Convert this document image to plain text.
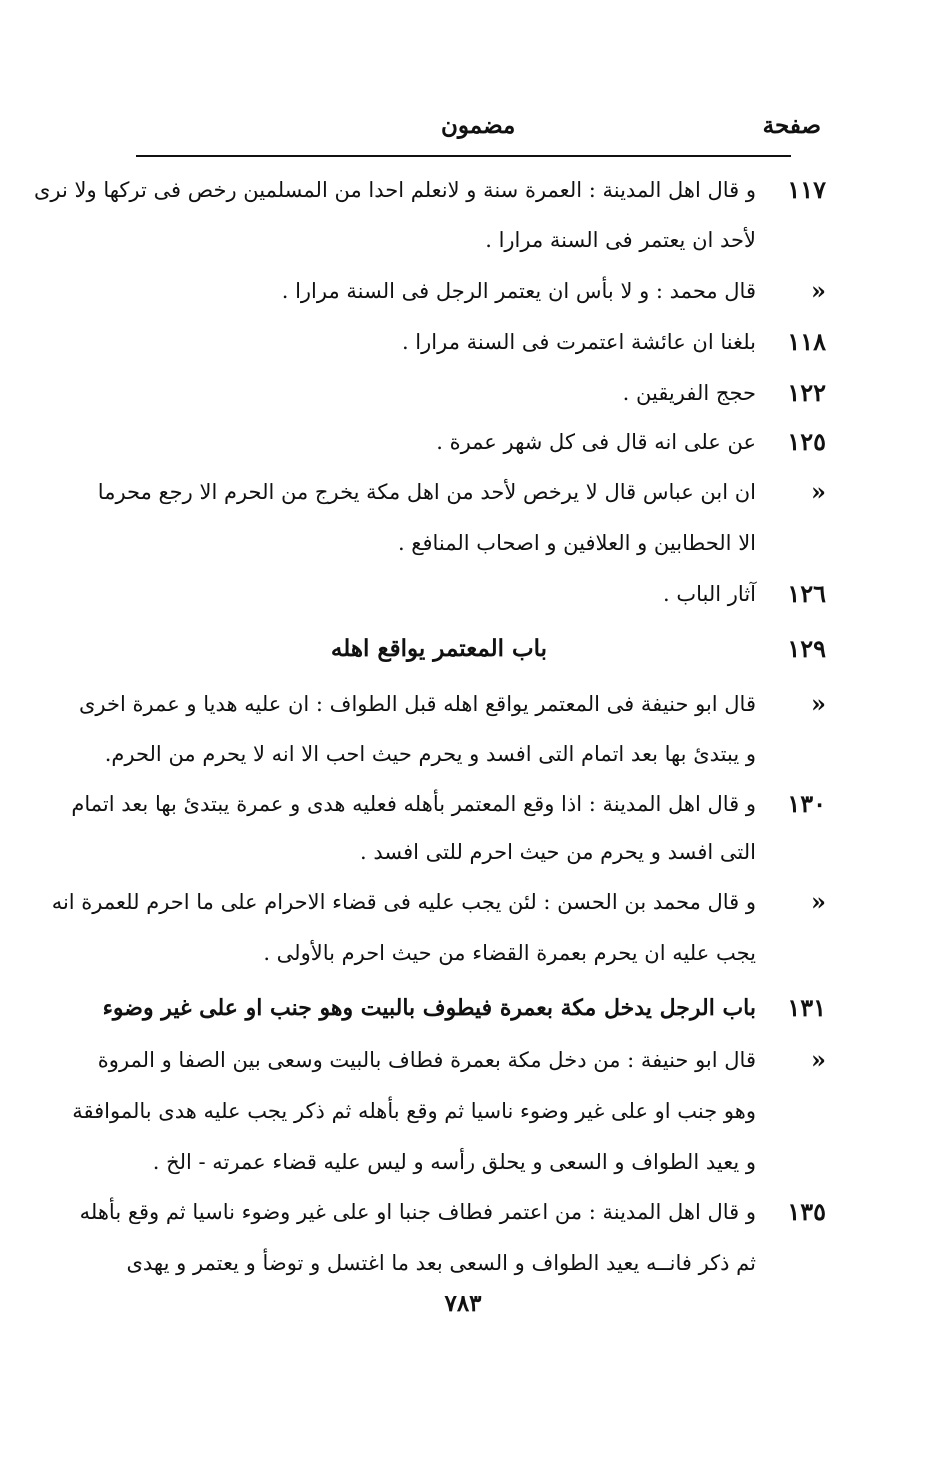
صفحة
مضمون
١١٧
و قال اهل المدينة : العمرة سنة و لانعلم احدا من المسلمين رخص فى تركها ولا نرى
لأحد ان يعتمر فى السنة مرارا .
«
قال محمد : و لا بأس ان يعتمر الرجل فى السنة مرارا .
١١٨
بلغنا ان عائشة اعتمرت فى السنة مرارا .
١٢٢
حجج الفريقين .
١٢٥
عن على انه قال فى كل شهر عمرة .
«
ان ابن عباس قال لا يرخص لأحد من اهل مكة يخرج من الحرم الا رجع محرما
الا الحطابين و العلافين و اصحاب المنافع .
١٢٦
آثار الباب .
١٢٩
باب المعتمر يواقع اهله
«
قال ابو حنيفة فى المعتمر يواقع اهله قبل الطواف : ان عليه هديا و عمرة اخرى
و يبتدئ بها بعد اتمام التى افسد و يحرم حيث احب الا انه لا يحرم من الحرم.
١٣٠
و قال اهل المدينة : اذا وقع المعتمر بأهله فعليه هدى و عمرة يبتدئ بها بعد اتمام
التى افسد و يحرم من حيث احرم للتى افسد .
«
و قال محمد بن الحسن : لئن يجب عليه فى قضاء الاحرام على ما احرم للعمرة انه
يجب عليه ان يحرم بعمرة القضاء من حيث احرم بالأولى .
١٣١
باب الرجل يدخل مكة بعمرة فيطوف بالبيت وهو جنب او على غير وضوء
«
قال ابو حنيفة : من دخل مكة بعمرة فطاف بالبيت وسعى بين الصفا و المروة
وهو جنب او على غير وضوء ناسيا ثم وقع بأهله ثم ذكر يجب عليه هدى بالموافقة
و يعيد الطواف و السعى و يحلق رأسه و ليس عليه قضاء عمرته - الخ .
١٣٥
و قال اهل المدينة : من اعتمر فطاف جنبا او على غير وضوء ناسيا ثم وقع بأهله
ثم ذكر فانــه يعيد الطواف و السعى بعد ما اغتسل و توضأ و يعتمر و يهدى
٧٨٣
